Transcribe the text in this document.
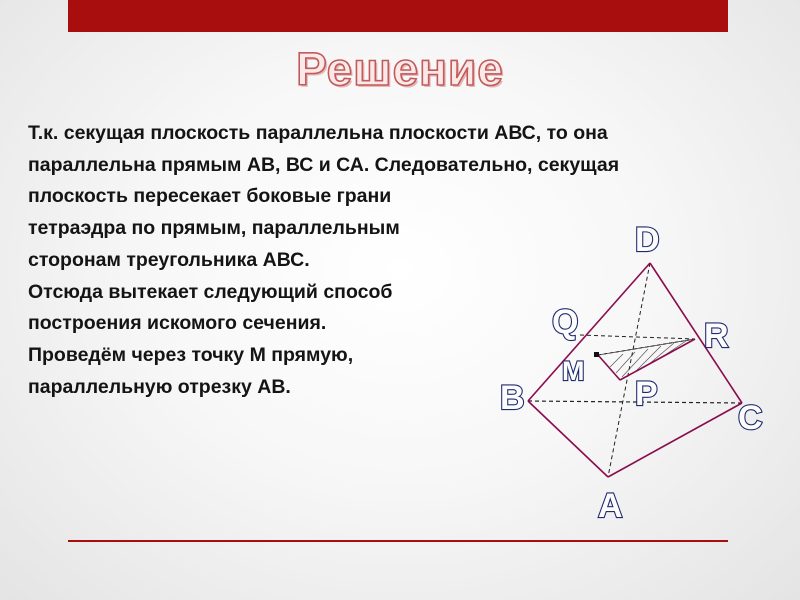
Решение
Т.к. секущая плоскость параллельна плоскости АВС, то она
параллельна прямым АВ, ВС и СА. Следовательно, секущая
плоскость пересекает боковые грани
тетраэдра по прямым, параллельным
сторонам треугольника АВС.
Отсюда вытекает следующий способ
построения искомого сечения.
Проведём через точку М прямую,
параллельную отрезку АВ.
D
Q	R
M
P
B
C
A
